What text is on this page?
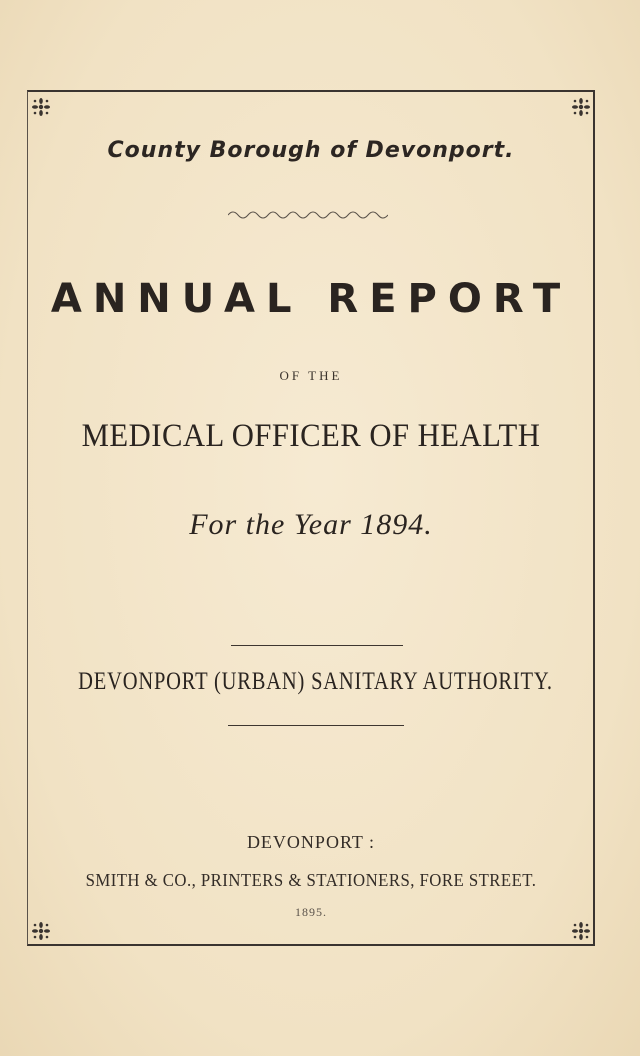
County Borough of Devonport.
ANNUAL REPORT
OF THE
MEDICAL OFFICER OF HEALTH
For the Year 1894.
DEVONPORT (URBAN) SANITARY AUTHORITY.
DEVONPORT :
SMITH & CO., PRINTERS & STATIONERS, FORE STREET.
1895.
